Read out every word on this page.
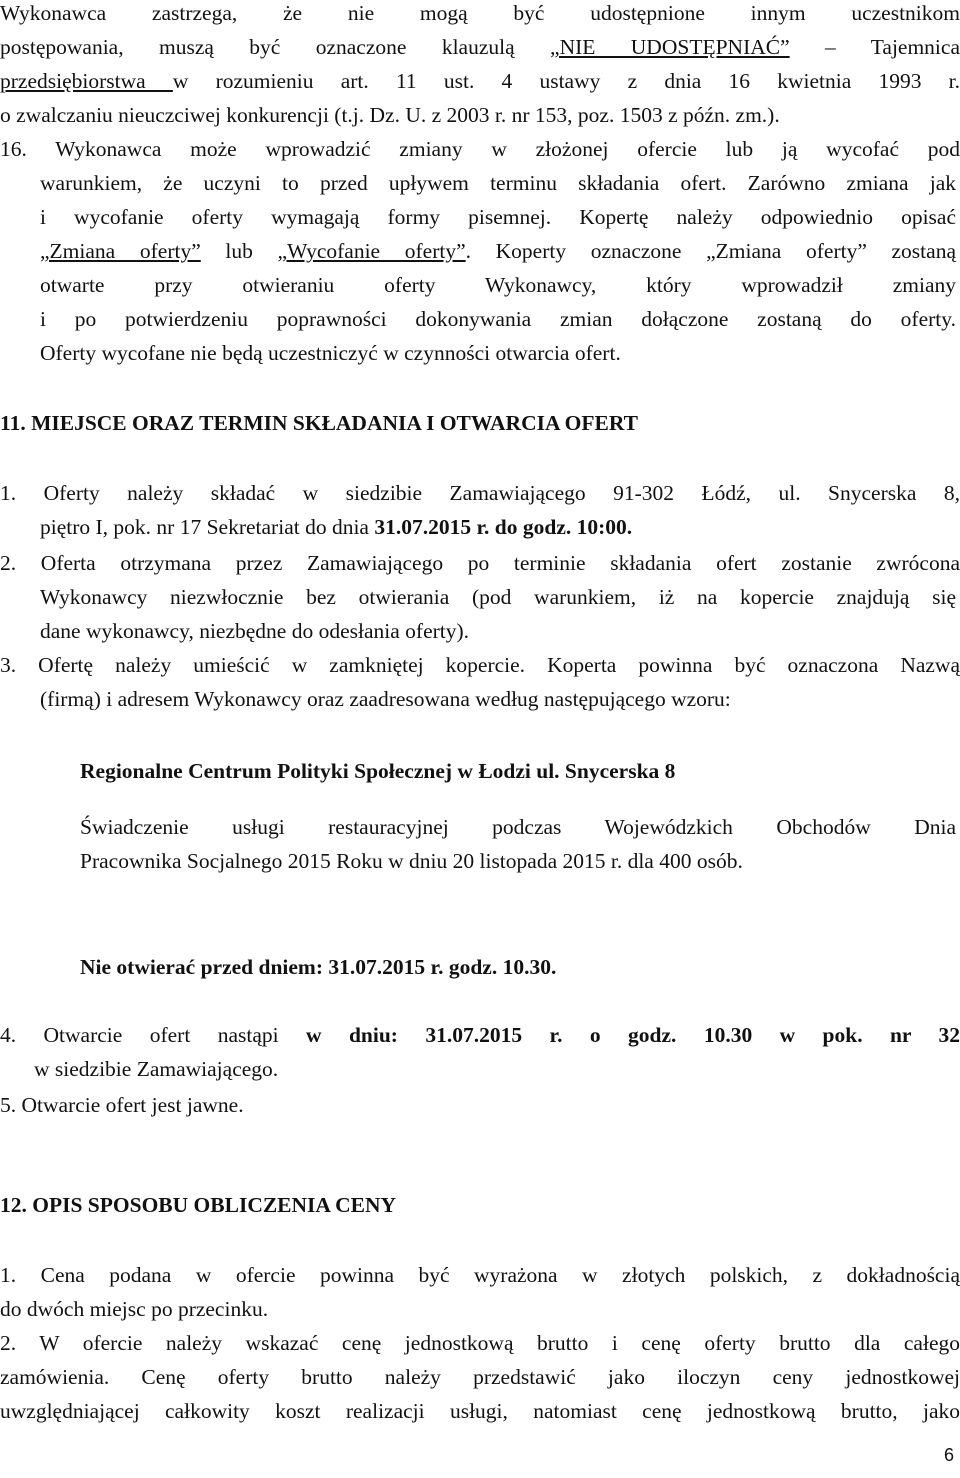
Wykonawca zastrzega, że nie mogą być udostępnione innym uczestnikom
postępowania, muszą być oznaczone klauzulą „NIE UDOSTĘPNIAĆ” – Tajemnica
przedsiębiorstwa w rozumieniu art. 11 ust. 4 ustawy z dnia 16 kwietnia 1993 r.
o zwalczaniu nieuczciwej konkurencji (t.j. Dz. U. z 2003 r. nr 153, poz. 1503 z późn. zm.).
16. Wykonawca może wprowadzić zmiany w złożonej ofercie lub ją wycofać pod
warunkiem, że uczyni to przed upływem terminu składania ofert. Zarówno zmiana jak
i wycofanie oferty wymagają formy pisemnej. Kopertę należy odpowiednio opisać
„Zmiana oferty” lub „Wycofanie oferty”. Koperty oznaczone „Zmiana oferty” zostaną
otwarte przy otwieraniu oferty Wykonawcy, który wprowadził zmiany
i po potwierdzeniu poprawności dokonywania zmian dołączone zostaną do oferty.
Oferty wycofane nie będą uczestniczyć w czynności otwarcia ofert.
11. MIEJSCE ORAZ TERMIN SKŁADANIA I OTWARCIA OFERT
1. Oferty należy składać w siedzibie Zamawiającego 91-302 Łódź, ul. Snycerska 8,
piętro I, pok. nr 17 Sekretariat do dnia 31.07.2015 r. do godz. 10:00.
2. Oferta otrzymana przez Zamawiającego po terminie składania ofert zostanie zwrócona
Wykonawcy niezwłocznie bez otwierania (pod warunkiem, iż na kopercie znajdują się
dane wykonawcy, niezbędne do odesłania oferty).
3. Ofertę należy umieścić w zamkniętej kopercie. Koperta powinna być oznaczona Nazwą
(firmą) i adresem Wykonawcy oraz zaadresowana według następującego wzoru:
Regionalne Centrum Polityki Społecznej w Łodzi ul. Snycerska 8
Świadczenie usługi restauracyjnej podczas Wojewódzkich Obchodów Dnia
Pracownika Socjalnego 2015 Roku w dniu 20 listopada 2015 r. dla 400 osób.
Nie otwierać przed dniem: 31.07.2015 r. godz. 10.30.
4. Otwarcie ofert nastąpi w dniu: 31.07.2015 r. o godz. 10.30 w pok. nr 32
w siedzibie Zamawiającego.
5. Otwarcie ofert jest jawne.
12. OPIS SPOSOBU OBLICZENIA CENY
1. Cena podana w ofercie powinna być wyrażona w złotych polskich, z dokładnością
do dwóch miejsc po przecinku.
2. W ofercie należy wskazać cenę jednostkową brutto i cenę oferty brutto dla całego
zamówienia. Cenę oferty brutto należy przedstawić jako iloczyn ceny jednostkowej
uwzględniającej całkowity koszt realizacji usługi, natomiast cenę jednostkową brutto, jako
6
